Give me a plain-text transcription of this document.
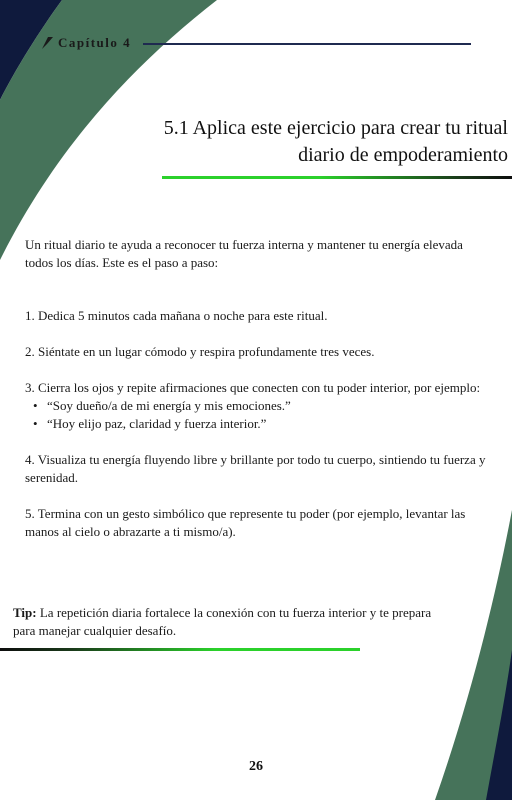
Capítulo 4
5.1 Aplica este ejercicio para crear tu ritual
diario de empoderamiento

Un ritual diario te ayuda a reconocer tu fuerza interna y mantener tu energía elevada todos los días. Este es el paso a paso:

1. Dedica 5 minutos cada mañana o noche para este ritual.

2. Siéntate en un lugar cómodo y respira profundamente tres veces.

3. Cierra los ojos y repite afirmaciones que conecten con tu poder interior, por ejemplo:

• “Soy dueño/a de mi energía y mis emociones.”
• “Hoy elijo paz, claridad y fuerza interior.”

4. Visualiza tu energía fluyendo libre y brillante por todo tu cuerpo, sintiendo tu fuerza y serenidad.

5. Termina con un gesto simbólico que represente tu poder (por ejemplo, levantar las manos al cielo o abrazarte a ti mismo/a).

Tip: La repetición diaria fortalece la conexión con tu fuerza interior y te prepara para manejar cualquier desafío.

26
